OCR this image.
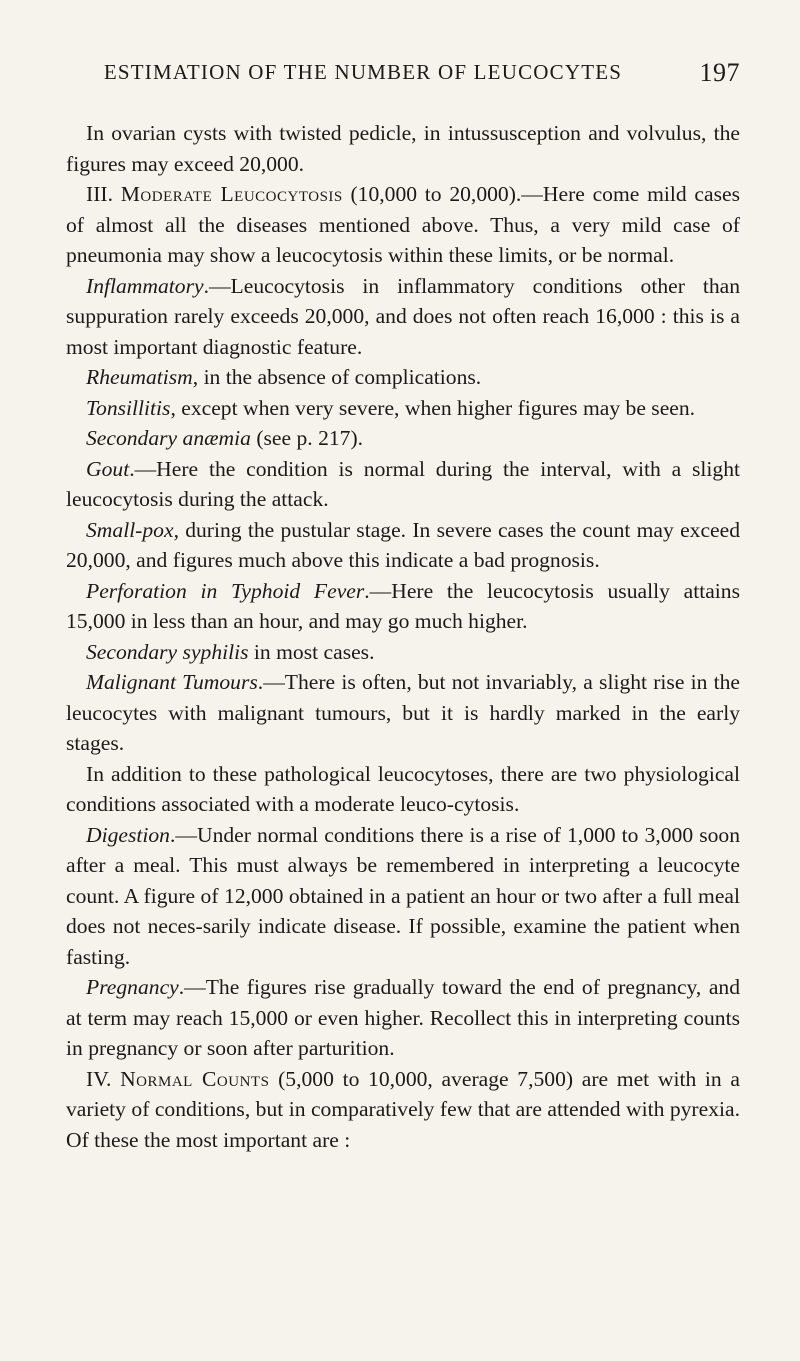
ESTIMATION OF THE NUMBER OF LEUCOCYTES	197

In ovarian cysts with twisted pedicle, in intussusception and volvulus, the figures may exceed 20,000.

III. Moderate Leucocytosis (10,000 to 20,000).—Here come mild cases of almost all the diseases mentioned above. Thus, a very mild case of pneumonia may show a leucocytosis within these limits, or be normal.

Inflammatory.—Leucocytosis in inflammatory conditions other than suppuration rarely exceeds 20,000, and does not often reach 16,000 : this is a most important diagnostic feature.

Rheumatism, in the absence of complications.

Tonsillitis, except when very severe, when higher figures may be seen.

Secondary anæmia (see p. 217).

Gout.—Here the condition is normal during the interval, with a slight leucocytosis during the attack.

Small-pox, during the pustular stage. In severe cases the count may exceed 20,000, and figures much above this indicate a bad prognosis.

Perforation in Typhoid Fever.—Here the leucocytosis usually attains 15,000 in less than an hour, and may go much higher.

Secondary syphilis in most cases.

Malignant Tumours.—There is often, but not invariably, a slight rise in the leucocytes with malignant tumours, but it is hardly marked in the early stages.

In addition to these pathological leucocytoses, there are two physiological conditions associated with a moderate leuco-cytosis.

Digestion.—Under normal conditions there is a rise of 1,000 to 3,000 soon after a meal. This must always be remembered in interpreting a leucocyte count. A figure of 12,000 obtained in a patient an hour or two after a full meal does not neces-sarily indicate disease. If possible, examine the patient when fasting.

Pregnancy.—The figures rise gradually toward the end of pregnancy, and at term may reach 15,000 or even higher. Recollect this in interpreting counts in pregnancy or soon after parturition.

IV. Normal Counts (5,000 to 10,000, average 7,500) are met with in a variety of conditions, but in comparatively few that are attended with pyrexia. Of these the most important are :
